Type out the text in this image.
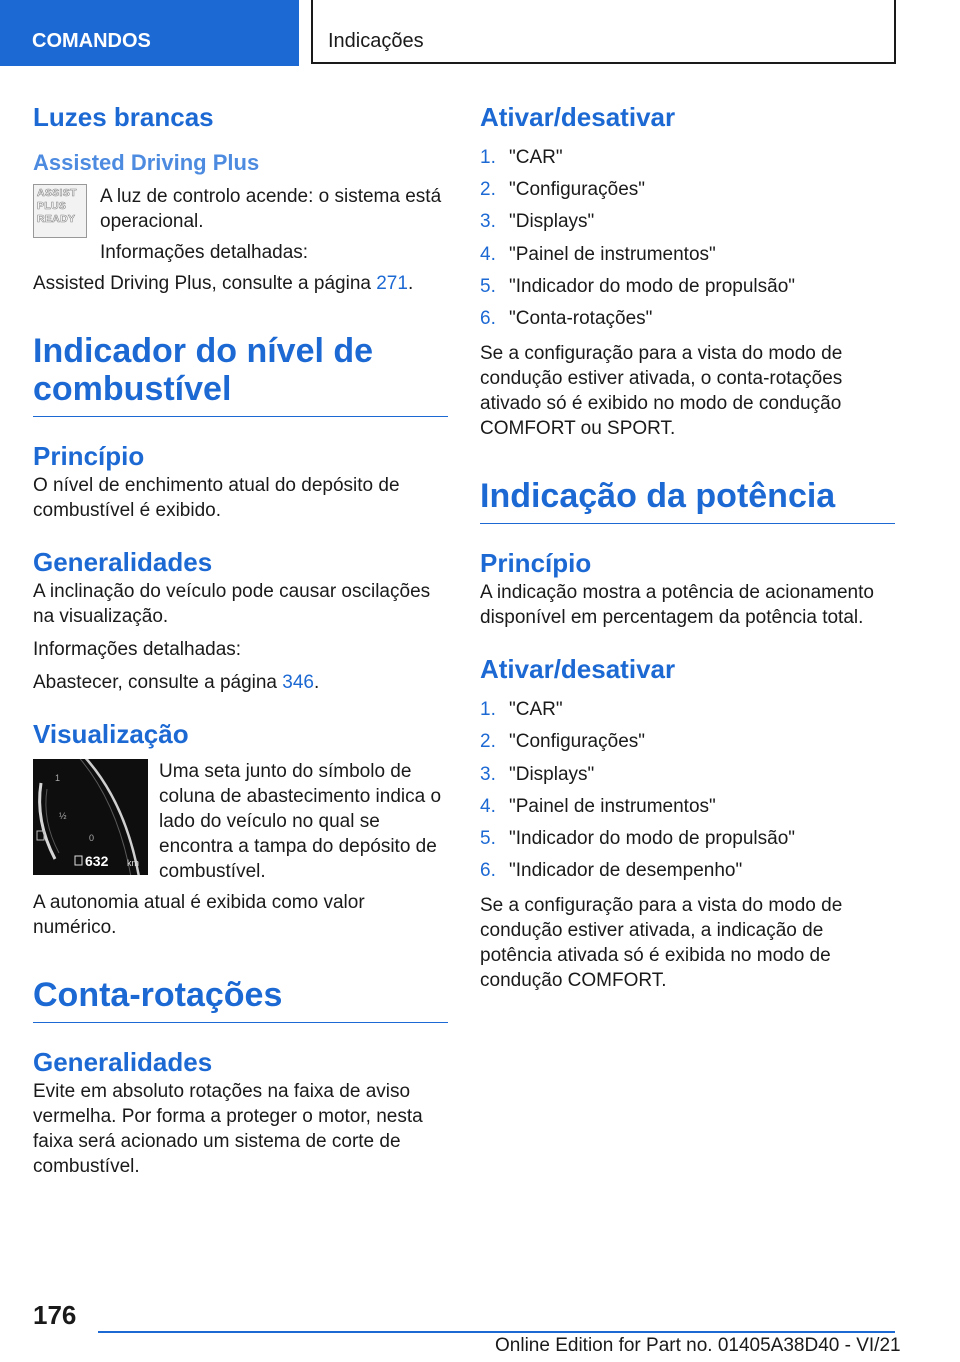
COMANDOS	Indicações
Luzes brancas
Assisted Driving Plus
ASSIST PLUS READY

A luz de controlo acende: o sistema está operacional.

Informações detalhadas:

Assisted Driving Plus, consulte a página 271.

Indicador do nível de combustível
Princípio

O nível de enchimento atual do depósito de combustível é exibido.

Generalidades

A inclinação do veículo pode causar oscilações na visualização.

Informações detalhadas:

Abastecer, consulte a página 346.

Visualização
1
½
0
632 km

Uma seta junto do símbolo de coluna de abastecimento indica o lado do veículo no qual se encontra a tampa do depósito de combustível.

A autonomia atual é exibida como valor numérico.

Conta-rotações
Generalidades

Evite em absoluto rotações na faixa de aviso vermelha. Por forma a proteger o motor, nesta faixa será acionado um sistema de corte de combustível.

Ativar/desativar
1. "CAR"
2. "Configurações"
3. "Displays"
4. "Painel de instrumentos"
5. "Indicador do modo de propulsão"
6. "Conta-rotações"

Se a configuração para a vista do modo de condução estiver ativada, o conta-rotações ativado só é exibido no modo de condução COMFORT ou SPORT.

Indicação da potência
Princípio

A indicação mostra a potência de acionamento disponível em percentagem da potência total.

Ativar/desativar
1. "CAR"
2. "Configurações"
3. "Displays"
4. "Painel de instrumentos"
5. "Indicador do modo de propulsão"
6. "Indicador de desempenho"

Se a configuração para a vista do modo de condução estiver ativada, a indicação de potência ativada só é exibida no modo de condução COMFORT.

176
Online Edition for Part no. 01405A38D40 - VI/21
